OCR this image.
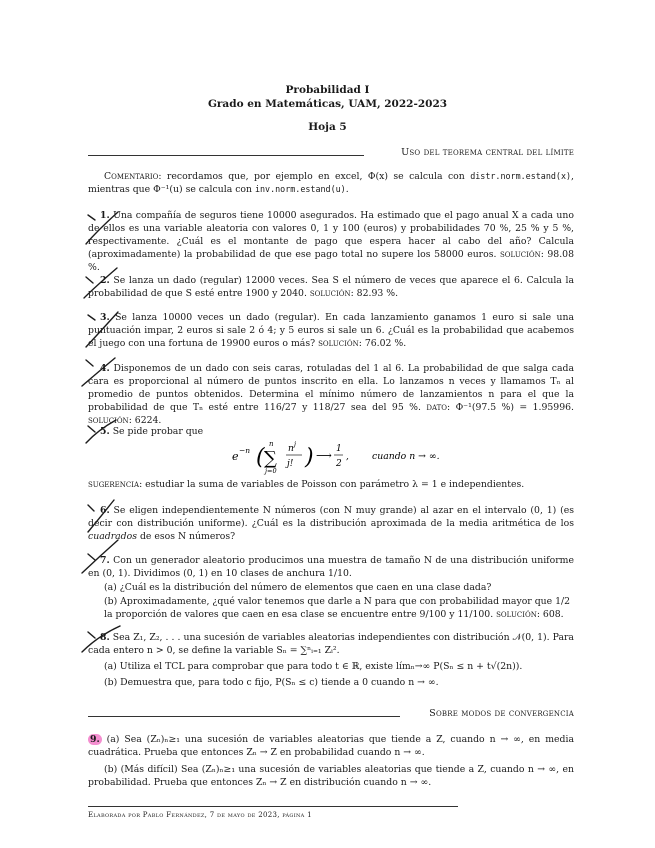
Probabilidad I
Grado en Matemáticas, UAM, 2022-2023
Hoja 5
Uso del teorema central del límite
Comentario: recordamos que, por ejemplo en excel, Φ(x) se calcula con distr.norm.estand(x), mientras que Φ⁻¹(u) se calcula con inv.norm.estand(u).
1. Una compañía de seguros tiene 10000 asegurados. Ha estimado que el pago anual X a cada uno de ellos es una variable aleatoria con valores 0, 1 y 100 (euros) y probabilidades 70 %, 25 % y 5 %, respectivamente. ¿Cuál es el montante de pago que espera hacer al cabo del año? Calcula (aproximadamente) la probabilidad de que ese pago total no supere los 58000 euros. solución: 98.08 %.
2. Se lanza un dado (regular) 12000 veces. Sea S el número de veces que aparece el 6. Calcula la probabilidad de que S esté entre 1900 y 2040. solución: 82.93 %.
3. Se lanza 10000 veces un dado (regular). En cada lanzamiento ganamos 1 euro si sale una puntuación impar, 2 euros si sale 2 ó 4; y 5 euros si sale un 6. ¿Cuál es la probabilidad que acabemos el juego con una fortuna de 19900 euros o más? solución: 76.02 %.
4. Disponemos de un dado con seis caras, rotuladas del 1 al 6. La probabilidad de que salga cada cara es proporcional al número de puntos inscrito en ella. Lo lanzamos n veces y llamamos Tₙ al promedio de puntos obtenidos. Determina el mínimo número de lanzamientos n para el que la probabilidad de que Tₙ esté entre 116/27 y 118/27 sea del 95 %. dato: Φ⁻¹(97.5 %) = 1.95996. solución: 6224.
5. Se pide probar que
e −n (
n
∑
j=0
n j
j! ) ⟶ 1
2
, cuando n → ∞.
sugerencia: estudiar la suma de variables de Poisson con parámetro λ = 1 e independientes.
6. Se eligen independientemente N números (con N muy grande) al azar en el intervalo (0, 1) (es decir con distribución uniforme). ¿Cuál es la distribución aproximada de la media aritmética de los cuadrados de esos N números?
7. Con un generador aleatorio producimos una muestra de tamaño N de una distribución uniforme en (0, 1). Dividimos (0, 1) en 10 clases de anchura 1/10.
(a) ¿Cuál es la distribución del número de elementos que caen en una clase dada?
(b) Aproximadamente, ¿qué valor tenemos que darle a N para que con probabilidad mayor que 1/2 la proporción de valores que caen en esa clase se encuentre entre 9/100 y 11/100. solución: 608.
8. Sea Z₁, Z₂, . . . una sucesión de variables aleatorias independientes con distribución 𝒩(0, 1). Para cada entero n > 0, se define la variable Sₙ = ∑ⁿᵢ₌₁ Zᵢ².
(a) Utiliza el TCL para comprobar que para todo t ∈ ℝ, existe límₙ→∞ P(Sₙ ≤ n + t√(2n)).
(b) Demuestra que, para todo c fijo, P(Sₙ ≤ c) tiende a 0 cuando n → ∞.
Sobre modos de convergencia
9. (a) Sea (Zₙ)ₙ≥₁ una sucesión de variables aleatorias que tiende a Z, cuando n → ∞, en media cuadrática. Prueba que entonces Zₙ → Z en probabilidad cuando n → ∞.
(b) (Más difícil) Sea (Zₙ)ₙ≥₁ una sucesión de variables aleatorias que tiende a Z, cuando n → ∞, en probabilidad. Prueba que entonces Zₙ → Z en distribución cuando n → ∞.
Elaborada por Pablo Fernández, 7 de mayo de 2023, página 1
